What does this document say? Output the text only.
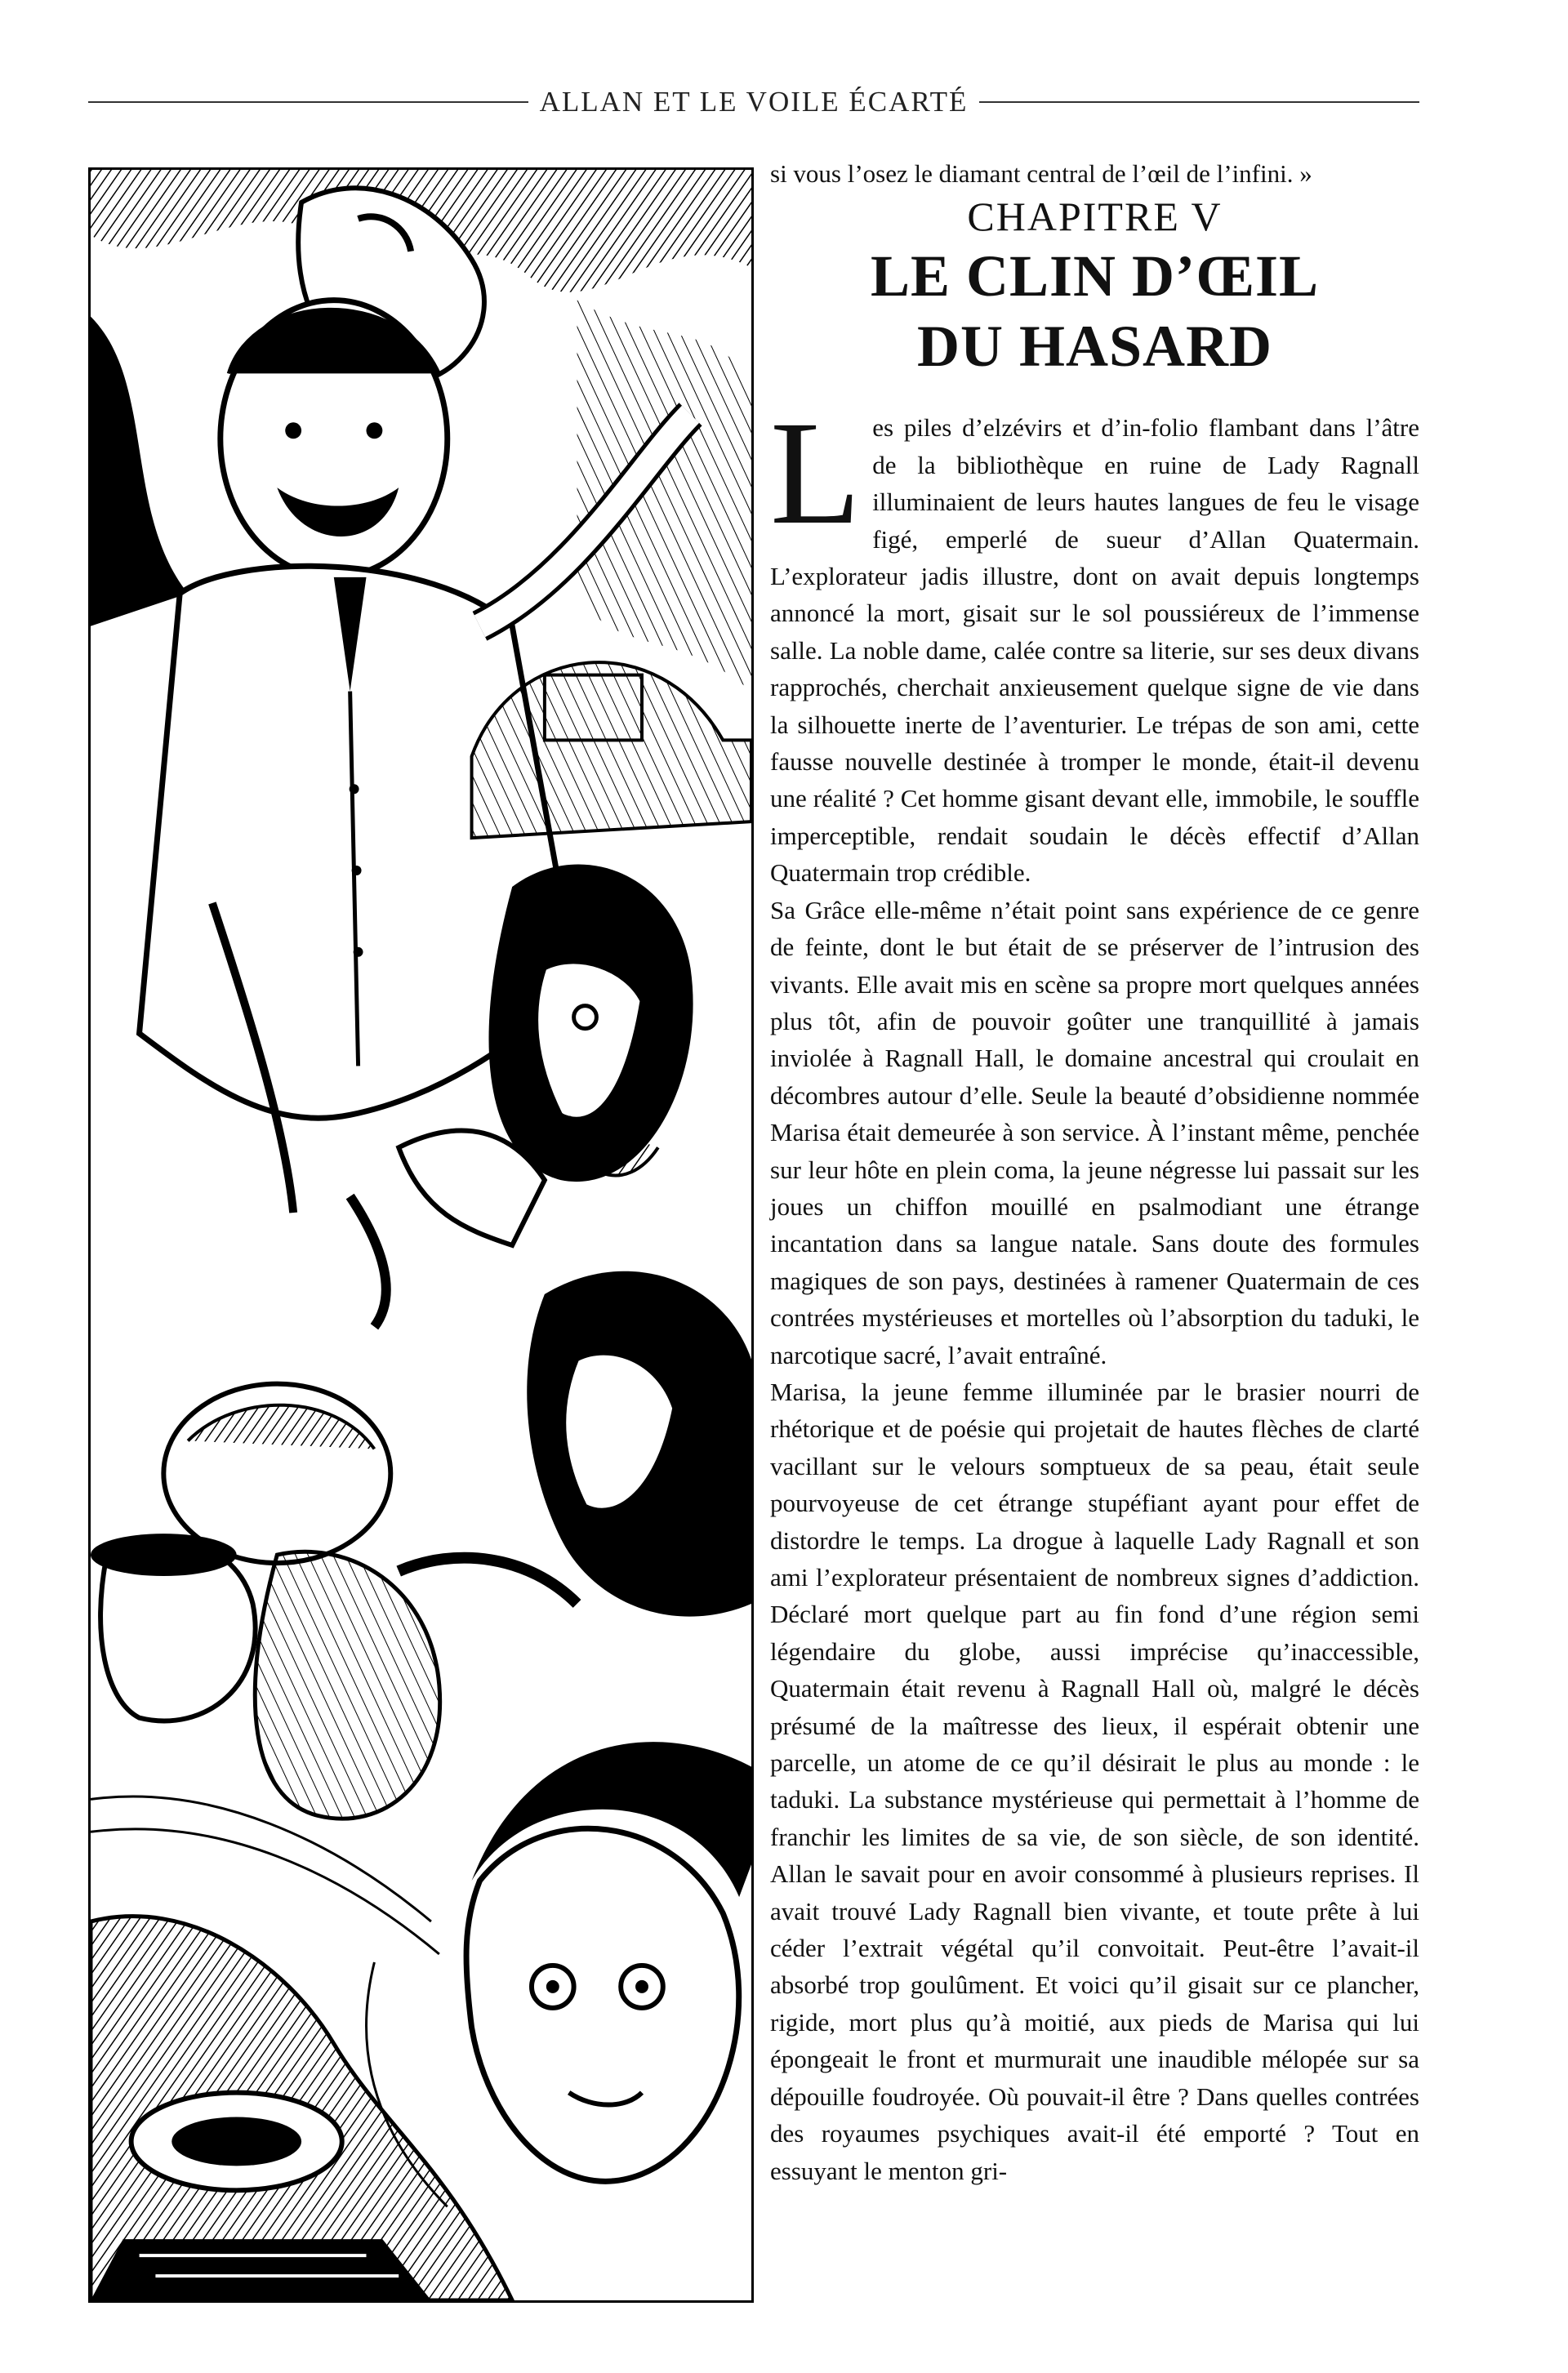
ALLAN ET LE VOILE ÉCARTÉ

si vous l’osez le diamant central de l’œil de l’infini. »

CHAPITRE V
LE CLIN D’ŒIL
DU HASARD

Les piles d’elzévirs et d’in-folio flambant dans l’âtre de la bibliothèque en ruine de Lady Ragnall illuminaient de leurs hautes langues de feu le visage figé, emperlé de sueur d’Allan Quatermain. L’explorateur jadis illustre, dont on avait depuis longtemps annoncé la mort, gisait sur le sol poussiéreux de l’immense salle. La noble dame, calée contre sa literie, sur ses deux divans rapprochés, cherchait anxieusement quelque signe de vie dans la silhouette inerte de l’aventurier. Le trépas de son ami, cette fausse nouvelle destinée à tromper le monde, était-il devenu une réalité ? Cet homme gisant devant elle, immobile, le souffle imperceptible, rendait soudain le décès effectif d’Allan Quatermain trop crédible.

Sa Grâce elle-même n’était point sans expérience de ce genre de feinte, dont le but était de se préserver de l’intrusion des vivants. Elle avait mis en scène sa propre mort quelques années plus tôt, afin de pouvoir goûter une tranquillité à jamais inviolée à Ragnall Hall, le domaine ancestral qui croulait en décombres autour d’elle. Seule la beauté d’obsidienne nommée Marisa était demeurée à son service. À l’instant même, penchée sur leur hôte en plein coma, la jeune négresse lui passait sur les joues un chiffon mouillé en psalmodiant une étrange incantation dans sa langue natale. Sans doute des formules magiques de son pays, destinées à ramener Quatermain de ces contrées mystérieuses et mortelles où l’absorption du taduki, le narcotique sacré, l’avait entraîné.

Marisa, la jeune femme illuminée par le brasier nourri de rhétorique et de poésie qui projetait de hautes flèches de clarté vacillant sur le velours somptueux de sa peau, était seule pourvoyeuse de cet étrange stupéfiant ayant pour effet de distordre le temps. La drogue à laquelle Lady Ragnall et son ami l’explorateur présentaient de nombreux signes d’addiction. Déclaré mort quelque part au fin fond d’une région semi légendaire du globe, aussi imprécise qu’inaccessible, Quatermain était revenu à Ragnall Hall où, malgré le décès présumé de la maîtresse des lieux, il espérait obtenir une parcelle, un atome de ce qu’il désirait le plus au monde : le taduki. La substance mystérieuse qui permettait à l’homme de franchir les limites de sa vie, de son siècle, de son identité. Allan le savait pour en avoir consommé à plusieurs reprises. Il avait trouvé Lady Ragnall bien vivante, et toute prête à lui céder l’extrait végétal qu’il convoitait. Peut-être l’avait-il absorbé trop goulûment. Et voici qu’il gisait sur ce plancher, rigide, mort plus qu’à moitié, aux pieds de Marisa qui lui épongeait le front et murmurait une inaudible mélopée sur sa dépouille foudroyée. Où pouvait-il être ? Dans quelles contrées des royaumes psychiques avait-il été emporté ? Tout en essuyant le menton gri-
